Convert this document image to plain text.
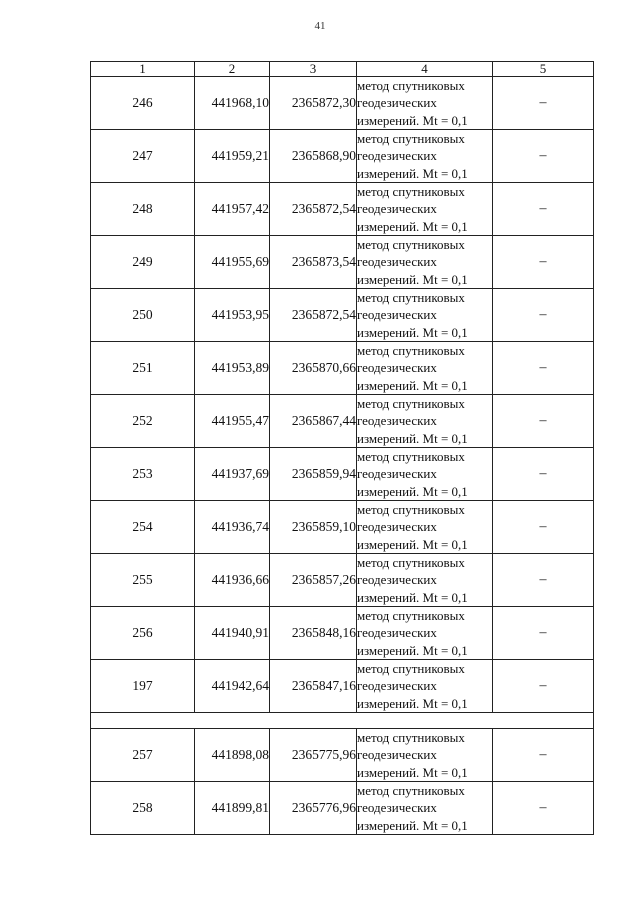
41
1	2	3	4	5
246	441968,10	2365872,30	метод спутниковых
геодезических
измерений. Mt = 0,1	–
247	441959,21	2365868,90	метод спутниковых
геодезических
измерений. Mt = 0,1	–
248	441957,42	2365872,54	метод спутниковых
геодезических
измерений. Mt = 0,1	–
249	441955,69	2365873,54	метод спутниковых
геодезических
измерений. Mt = 0,1	–
250	441953,95	2365872,54	метод спутниковых
геодезических
измерений. Mt = 0,1	–
251	441953,89	2365870,66	метод спутниковых
геодезических
измерений. Mt = 0,1	–
252	441955,47	2365867,44	метод спутниковых
геодезических
измерений. Mt = 0,1	–
253	441937,69	2365859,94	метод спутниковых
геодезических
измерений. Mt = 0,1	–
254	441936,74	2365859,10	метод спутниковых
геодезических
измерений. Mt = 0,1	–
255	441936,66	2365857,26	метод спутниковых
геодезических
измерений. Mt = 0,1	–
256	441940,91	2365848,16	метод спутниковых
геодезических
измерений. Mt = 0,1	–
197	441942,64	2365847,16	метод спутниковых
геодезических
измерений. Mt = 0,1	–

257	441898,08	2365775,96	метод спутниковых
геодезических
измерений. Mt = 0,1	–
258	441899,81	2365776,96	метод спутниковых
геодезических
измерений. Mt = 0,1	–
